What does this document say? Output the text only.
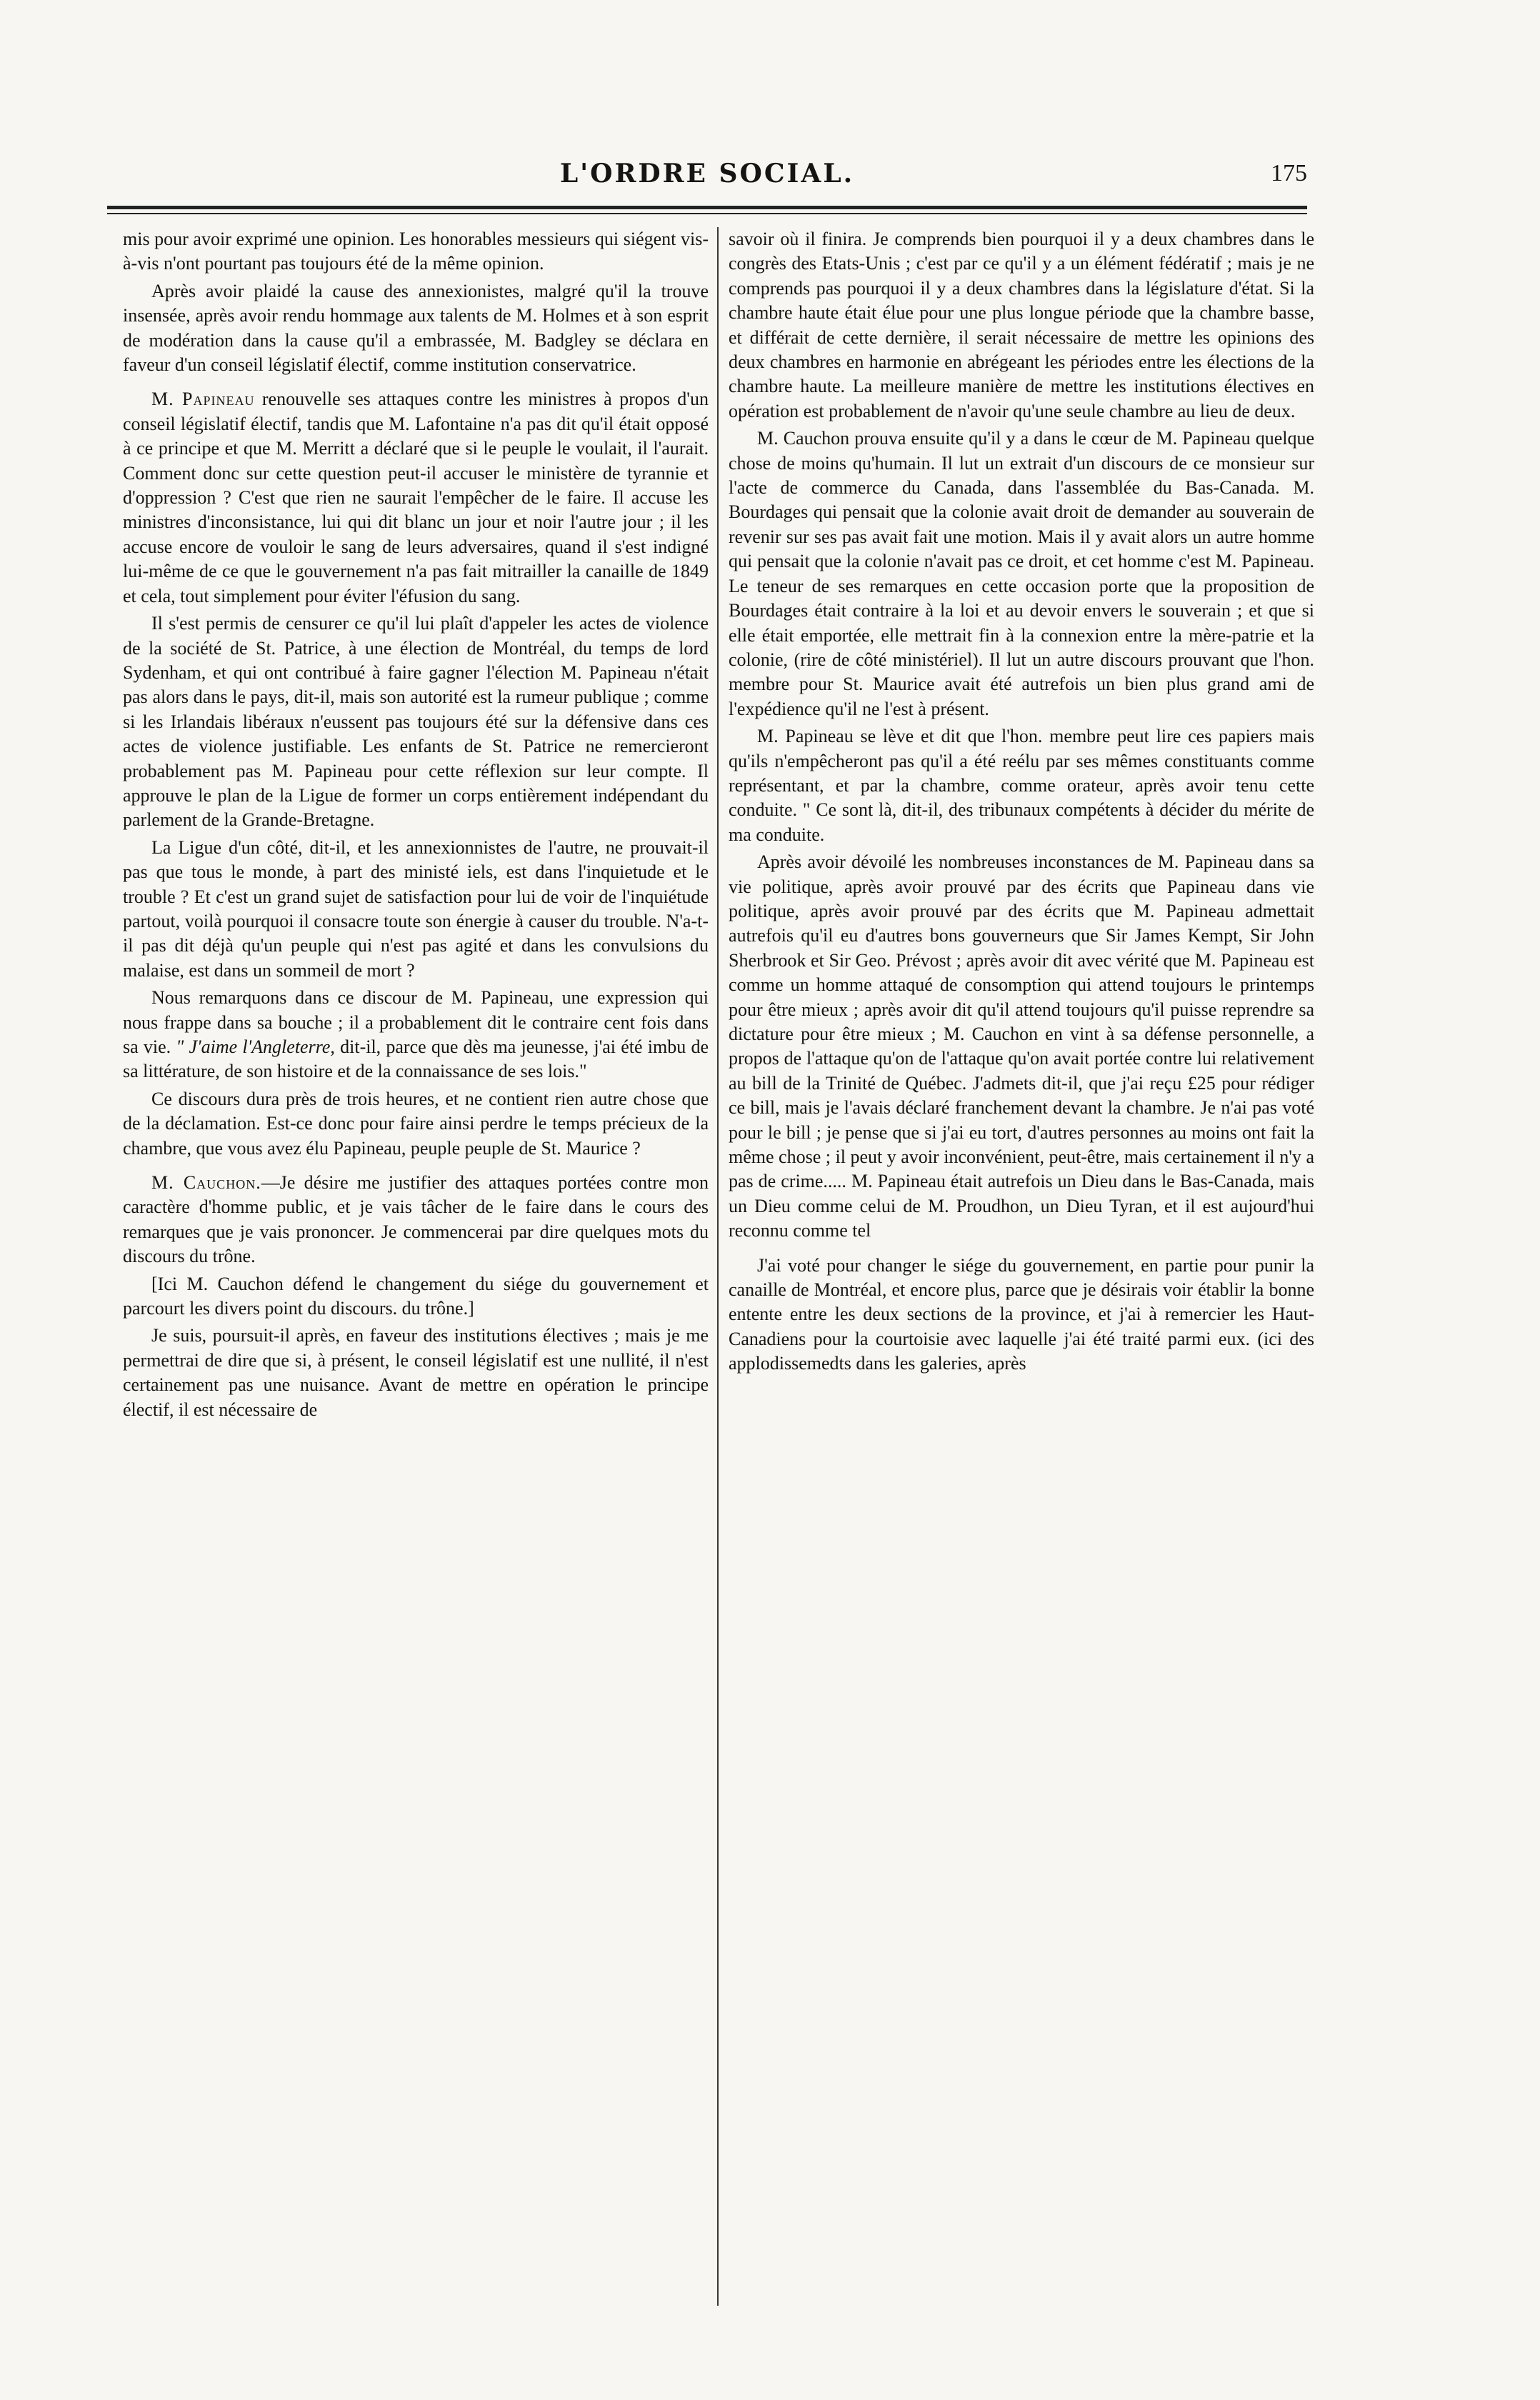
L'ORDRE SOCIAL.	175

mis pour avoir exprimé une opinion. Les honorables messieurs qui siégent vis-à-vis n'ont pourtant pas toujours été de la même opinion.

Après avoir plaidé la cause des annexionistes, malgré qu'il la trouve insensée, après avoir rendu hommage aux talents de M. Holmes et à son esprit de modération dans la cause qu'il a embrassée, M. Badgley se déclara en faveur d'un conseil législatif électif, comme institution conservatrice.

M. Papineau renouvelle ses attaques contre les ministres à propos d'un conseil législatif électif, tandis que M. Lafontaine n'a pas dit qu'il était opposé à ce principe et que M. Merritt a déclaré que si le peuple le voulait, il l'aurait. Comment donc sur cette question peut-il accuser le ministère de tyrannie et d'oppression ? C'est que rien ne saurait l'empêcher de le faire. Il accuse les ministres d'inconsistance, lui qui dit blanc un jour et noir l'autre jour ; il les accuse encore de vouloir le sang de leurs adversaires, quand il s'est indigné lui-même de ce que le gouvernement n'a pas fait mitrailler la canaille de 1849 et cela, tout simplement pour éviter l'éfusion du sang.

Il s'est permis de censurer ce qu'il lui plaît d'appeler les actes de violence de la société de St. Patrice, à une élection de Montréal, du temps de lord Sydenham, et qui ont contribué à faire gagner l'élection M. Papineau n'était pas alors dans le pays, dit-il, mais son autorité est la rumeur publique ; comme si les Irlandais libéraux n'eussent pas toujours été sur la défensive dans ces actes de violence justifiable. Les enfants de St. Patrice ne remercieront probablement pas M. Papineau pour cette réflexion sur leur compte. Il approuve le plan de la Ligue de former un corps entièrement indépendant du parlement de la Grande-Bretagne.

La Ligue d'un côté, dit-il, et les annexionnistes de l'autre, ne prouvait-il pas que tous le monde, à part des ministé iels, est dans l'inquietude et le trouble ? Et c'est un grand sujet de satisfaction pour lui de voir de l'inquiétude partout, voilà pourquoi il consacre toute son énergie à causer du trouble. N'a-t-il pas dit déjà qu'un peuple qui n'est pas agité et dans les convulsions du malaise, est dans un sommeil de mort ?

Nous remarquons dans ce discour de M. Papineau, une expression qui nous frappe dans sa bouche ; il a probablement dit le contraire cent fois dans sa vie. " J'aime l'Angleterre, dit-il, parce que dès ma jeunesse, j'ai été imbu de sa littérature, de son histoire et de la connaissance de ses lois."

Ce discours dura près de trois heures, et ne contient rien autre chose que de la déclamation. Est-ce donc pour faire ainsi perdre le temps précieux de la chambre, que vous avez élu Papineau, peuple peuple de St. Maurice ?

M. Cauchon.—Je désire me justifier des attaques portées contre mon caractère d'homme public, et je vais tâcher de le faire dans le cours des remarques que je vais prononcer. Je commencerai par dire quelques mots du discours du trône.

[Ici M. Cauchon défend le changement du siége du gouvernement et parcourt les divers point du discours. du trône.]

Je suis, poursuit-il après, en faveur des institutions électives ; mais je me permettrai de dire que si, à présent, le conseil législatif est une nullité, il n'est certainement pas une nuisance. Avant de mettre en opération le principe électif, il est nécessaire de

savoir où il finira. Je comprends bien pourquoi il y a deux chambres dans le congrès des Etats-Unis ; c'est par ce qu'il y a un élément fédératif ; mais je ne comprends pas pourquoi il y a deux chambres dans la législature d'état. Si la chambre haute était élue pour une plus longue période que la chambre basse, et différait de cette dernière, il serait nécessaire de mettre les opinions des deux chambres en harmonie en abrégeant les périodes entre les élections de la chambre haute. La meilleure manière de mettre les institutions électives en opération est probablement de n'avoir qu'une seule chambre au lieu de deux.

M. Cauchon prouva ensuite qu'il y a dans le cœur de M. Papineau quelque chose de moins qu'humain. Il lut un extrait d'un discours de ce monsieur sur l'acte de commerce du Canada, dans l'assemblée du Bas-Canada. M. Bourdages qui pensait que la colonie avait droit de demander au souverain de revenir sur ses pas avait fait une motion. Mais il y avait alors un autre homme qui pensait que la colonie n'avait pas ce droit, et cet homme c'est M. Papineau. Le teneur de ses remarques en cette occasion porte que la proposition de Bourdages était contraire à la loi et au devoir envers le souverain ; et que si elle était emportée, elle mettrait fin à la connexion entre la mère-patrie et la colonie, (rire de côté ministériel). Il lut un autre discours prouvant que l'hon. membre pour St. Maurice avait été autrefois un bien plus grand ami de l'expédience qu'il ne l'est à présent.

M. Papineau se lève et dit que l'hon. membre peut lire ces papiers mais qu'ils n'empêcheront pas qu'il a été reélu par ses mêmes constituants comme représentant, et par la chambre, comme orateur, après avoir tenu cette conduite. " Ce sont là, dit-il, des tribunaux compétents à décider du mérite de ma conduite.

Après avoir dévoilé les nombreuses inconstances de M. Papineau dans sa vie politique, après avoir prouvé par des écrits que Papineau dans vie politique, après avoir prouvé par des écrits que M. Papineau admettait autrefois qu'il eu d'autres bons gouverneurs que Sir James Kempt, Sir John Sherbrook et Sir Geo. Prévost ; après avoir dit avec vérité que M. Papineau est comme un homme attaqué de consomption qui attend toujours le printemps pour être mieux ; après avoir dit qu'il attend toujours qu'il puisse reprendre sa dictature pour être mieux ; M. Cauchon en vint à sa défense personnelle, a propos de l'attaque qu'on de l'attaque qu'on avait portée contre lui relativement au bill de la Trinité de Québec. J'admets dit-il, que j'ai reçu £25 pour rédiger ce bill, mais je l'avais déclaré franchement devant la chambre. Je n'ai pas voté pour le bill ; je pense que si j'ai eu tort, d'autres personnes au moins ont fait la même chose ; il peut y avoir inconvénient, peut-être, mais certainement il n'y a pas de crime..... M. Papineau était autrefois un Dieu dans le Bas-Canada, mais un Dieu comme celui de M. Proudhon, un Dieu Tyran, et il est aujourd'hui reconnu comme tel

J'ai voté pour changer le siége du gouvernement, en partie pour punir la canaille de Montréal, et encore plus, parce que je désirais voir établir la bonne entente entre les deux sections de la province, et j'ai à remercier les Haut-Canadiens pour la courtoisie avec laquelle j'ai été traité parmi eux. (ici des applodissemedts dans les galeries, après
